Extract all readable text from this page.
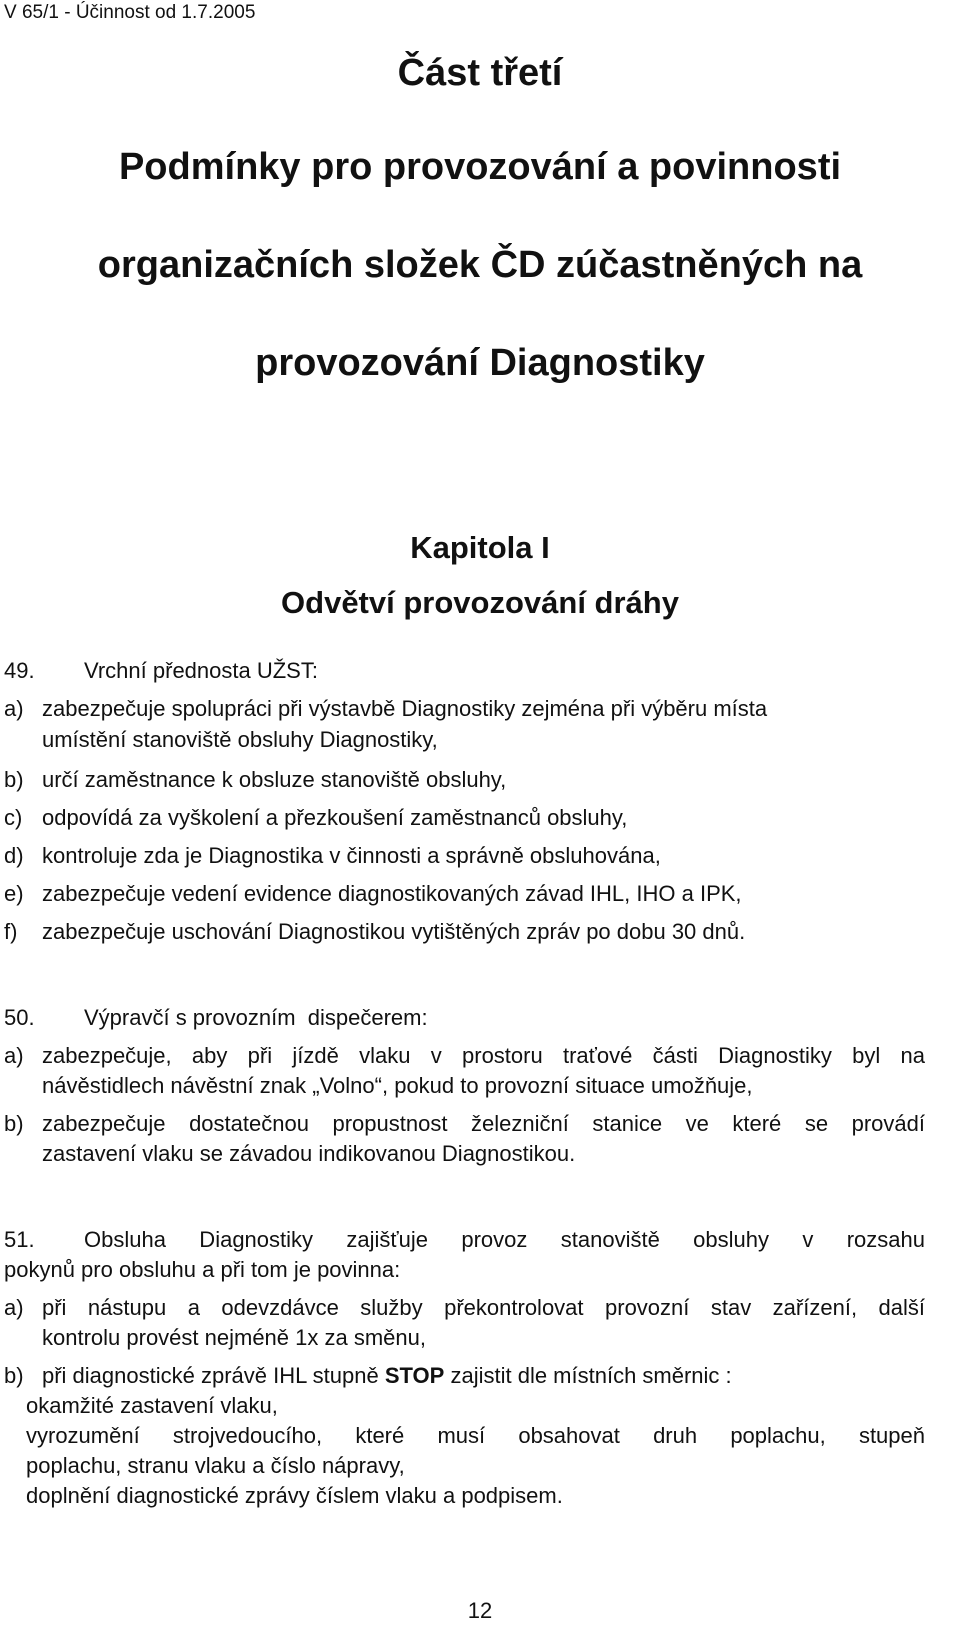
V 65/1 - Účinnost od 1.7.2005
Část třetí
Podmínky pro provozování a povinnosti
organizačních složek ČD zúčastněných na
provozování Diagnostiky
Kapitola I
Odvětví provozování dráhy
49. Vrchní přednosta UŽST:
a) zabezpečuje spolupráci při výstavbě Diagnostiky zejména při výběru místa
umístění stanoviště obsluhy Diagnostiky,
b) určí zaměstnance k obsluze stanoviště obsluhy,
c) odpovídá za vyškolení a přezkoušení zaměstnanců obsluhy,
d) kontroluje zda je Diagnostika v činnosti a správně obsluhována,
e) zabezpečuje vedení evidence diagnostikovaných závad IHL, IHO a IPK,
f) zabezpečuje uschování Diagnostikou vytištěných zpráv po dobu 30 dnů.
50. Výpravčí s provozním  dispečerem:
a) zabezpečuje, aby při jízdě vlaku v prostoru traťové části Diagnostiky byl na
návěstidlech návěstní znak „Volno“, pokud to provozní situace umožňuje,
b) zabezpečuje dostatečnou propustnost železniční stanice ve které se provádí
zastavení vlaku se závadou indikovanou Diagnostikou.
51. Obsluha Diagnostiky zajišťuje provoz stanoviště obsluhy v rozsahu
pokynů pro obsluhu a při tom je povinna:
a) při nástupu a odevzdávce služby překontrolovat provozní stav zařízení, další
kontrolu provést nejméně 1x za směnu,
b) při diagnostické zprávě IHL stupně STOP zajistit dle místních směrnic :
okamžité zastavení vlaku,
vyrozumění strojvedoucího, které musí obsahovat druh poplachu, stupeň
poplachu, stranu vlaku a číslo nápravy,
doplnění diagnostické zprávy číslem vlaku a podpisem.
12
